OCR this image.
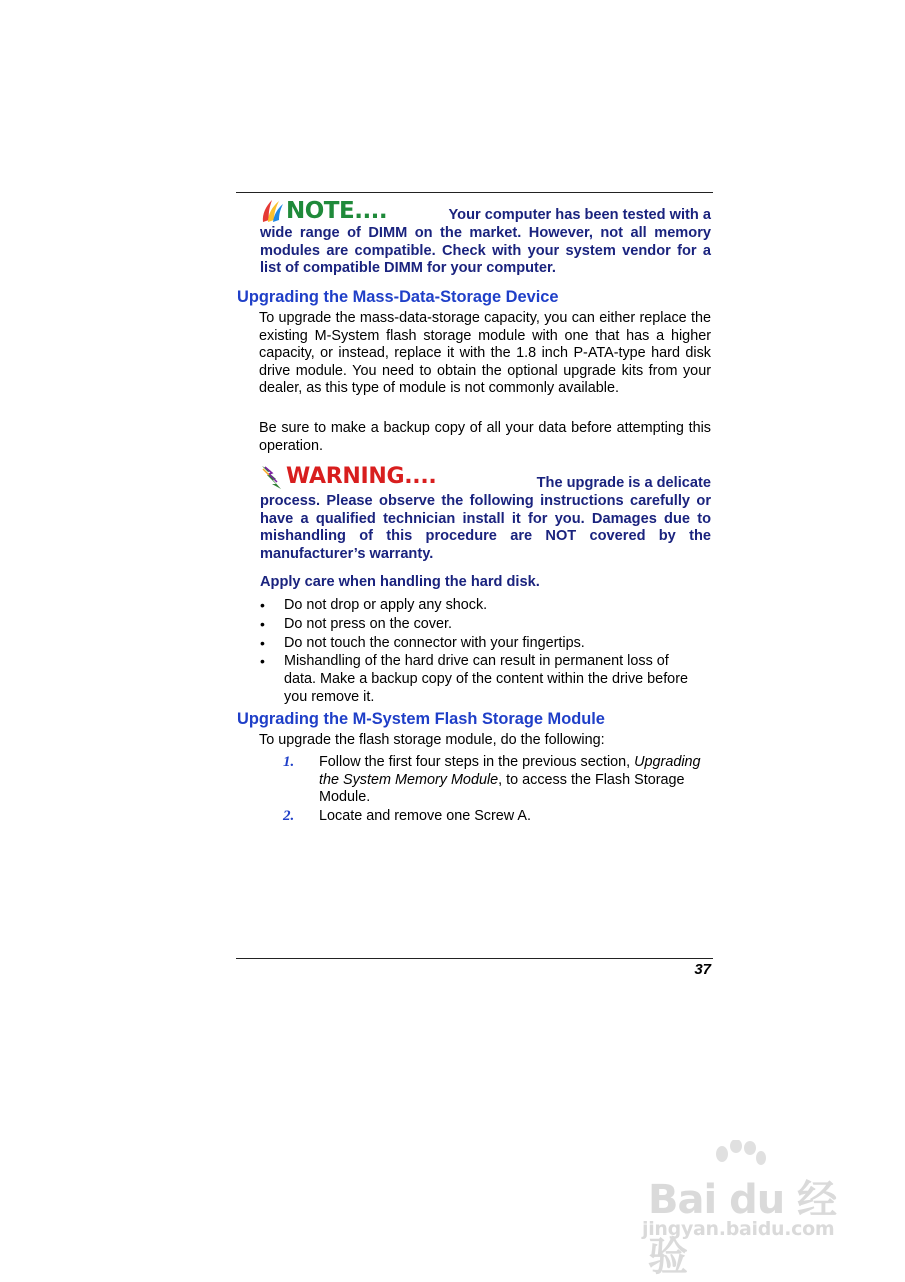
NOTE....	Your computer has been tested with a

wide range of DIMM on the market. However, not all memory modules are compatible. Check with your system vendor for a list of compatible DIMM for your computer.

Upgrading the Mass-Data-Storage Device

To upgrade the mass-data-storage capacity, you can either replace the existing M-System flash storage module with one that has a higher capacity, or instead, replace it with the 1.8 inch P-ATA-type hard disk drive module. You need to obtain the optional upgrade kits from your dealer, as this type of module is not commonly available.

Be sure to make a backup copy of all your data before attempting this operation.

WARNING....	The upgrade is a delicate

process. Please observe the following instructions carefully or have a qualified technician install it for you. Damages due to mishandling of this procedure are NOT covered by the manufacturer’s warranty.

Apply care when handling the hard disk.

• Do not drop or apply any shock.
• Do not press on the cover.
• Do not touch the connector with your fingertips.
• Mishandling of the hard drive can result in permanent loss of data. Make a backup copy of the content within the drive before you remove it.
Upgrading the M-System Flash Storage Module

To upgrade the flash storage module, do the following:

1. Follow the first four steps in the previous section, Upgrading the System Memory Module, to access the Flash Storage Module.
2. Locate and remove one Screw A.

37

Bai du 经验
jingyan.baidu.com
